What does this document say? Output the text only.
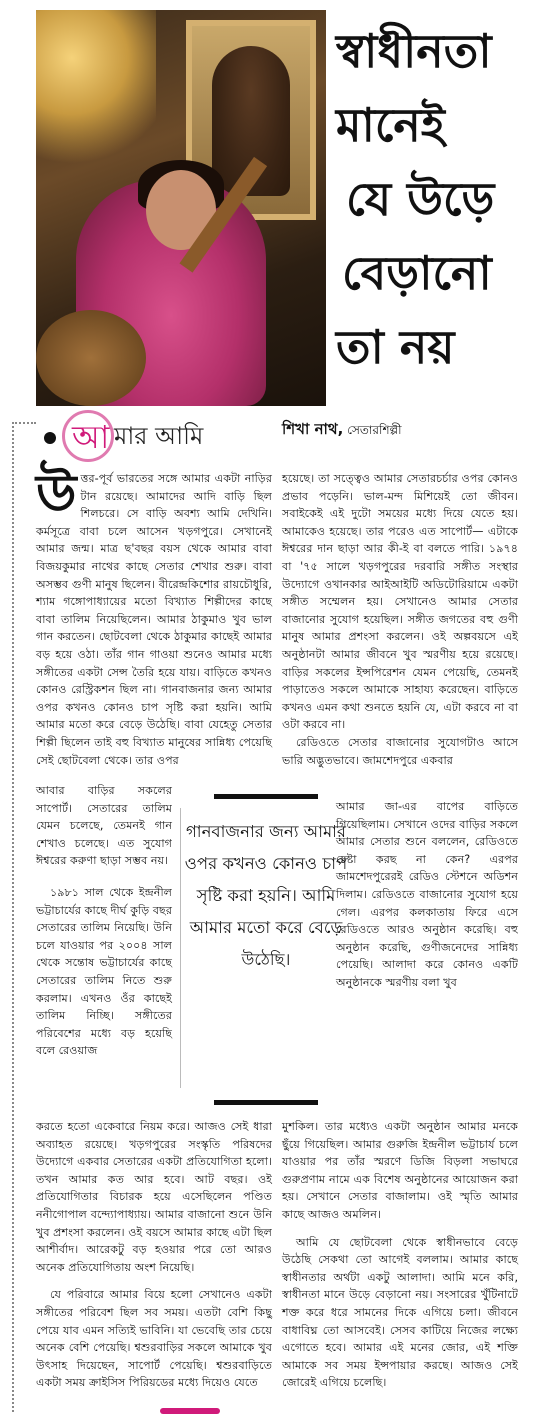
স্বাধীনতা
মানেই
যে উড়ে
বেড়ানো
তা নয়
আ মার আমি	শিখা নাথ, সেতারশিল্পী
উ ত্তর-পূর্ব ভারতের সঙ্গে আমার একটা নাড়ির টান রয়েছে। আমাদের আদি বাড়ি ছিল শিলচরে। সে বাড়ি অবশ্য আমি দেখিনি। কর্মসূত্রে বাবা চলে আসেন খড়গপুরে। সেখানেই আমার জন্ম। মাত্র ছ'বছর বয়স থেকে আমার বাবা বিজয়কুমার নাথের কাছে সেতার শেখার শুরু। বাবা অসম্ভব গুণী মানুষ ছিলেন। বীরেন্দ্রকিশোর রায়চৌধুরি, শ্যাম গঙ্গোপাধ্যায়ের মতো বিখ্যাত শিল্পীদের কাছে বাবা তালিম নিয়েছিলেন। আমার ঠাকুমাও খুব ভাল গান করতেন। ছোটবেলা থেকে ঠাকুমার কাছেই আমার বড় হয়ে ওঠা। তাঁর গান গাওয়া শুনেও আমার মধ্যে সঙ্গীতের একটা সেন্স তৈরি হয়ে যায়। বাড়িতে কখনও কোনও রেস্ট্রিকশন ছিল না। গানবাজনার জন্য আমার ওপর কখনও কোনও চাপ সৃষ্টি করা হয়নি। আমি আমার মতো করে বেড়ে উঠেছি। বাবা যেহেতু সেতার শিল্পী ছিলেন তাই বহু বিখ্যাত মানুষের সান্নিধ্য পেয়েছি সেই ছোটবেলা থেকে। তার ওপর

হয়েছে। তা সত্ত্বেও আমার সেতারচর্চার ওপর কোনও প্রভাব পড়েনি। ভাল-মন্দ মিশিয়েই তো জীবন। সবাইকেই এই দুটো সময়ের মধ্যে দিয়ে যেতে হয়। আমাকেও হয়েছে। তার পরেও এত সাপোর্ট— এটাকে ঈশ্বরের দান ছাড়া আর কী-ই বা বলতে পারি। ১৯৭৪ বা '৭৫ সালে খড়গপুরের দরবারি সঙ্গীত সংস্থার উদ্যোগে ওখানকার আইআইটি অডিটোরিয়ামে একটা সঙ্গীত সম্মেলন হয়। সেখানেও আমার সেতার বাজানোর সুযোগ হয়েছিল। সঙ্গীত জগতের বহু গুণী মানুষ আমার প্রশংসা করলেন। ওই অল্পবয়সে এই অনুষ্ঠানটা আমার জীবনে খুব স্মরণীয় হয়ে রয়েছে। বাড়ির সকলের ইন্সপিরেশন যেমন পেয়েছি, তেমনই পাড়াতেও সকলে আমাকে সাহায্য করেছেন। বাড়িতে কখনও এমন কথা শুনতে হয়নি যে, এটা করবে না বা ওটা করবে না।

রেডিওতে সেতার বাজানোর সুযোগটাও আসে ভারি অদ্ভুতভাবে। জামশেদপুরে একবার

আবার বাড়ির সকলের সাপোর্ট। সেতারের তালিম যেমন চলেছে, তেমনই গান শেখাও চলেছে। এত সুযোগ ঈশ্বরের করুণা ছাড়া সম্ভব নয়।

১৯৮১ সাল থেকে ইন্দ্রনীল ভট্টাচার্যের কাছে দীর্ঘ কুড়ি বছর সেতারের তালিম নিয়েছি। উনি চলে যাওয়ার পর ২০০৪ সাল থেকে সন্তোষ ভট্টাচার্যের কাছে সেতারের তালিম নিতে শুরু করলাম। এখনও ওঁর কাছেই তালিম নিচ্ছি। সঙ্গীতের পরিবেশের মধ্যে বড় হয়েছি বলে রেওয়াজ

আমার জা-এর বাপের বাড়িতে গিয়েছিলাম। সেখানে ওদের বাড়ির সকলে আমার সেতার শুনে বললেন, রেডিওতে চেষ্টা করছ না কেন? এরপর জামশেদপুরেরই রেডিও স্টেশনে অডিশন দিলাম। রেডিওতে বাজানোর সুযোগ হয়ে গেল। এরপর কলকাতায় ফিরে এসে রেডিওতে আরও অনুষ্ঠান করেছি। বহু অনুষ্ঠান করেছি, গুণীজনেদের সান্নিধ্য পেয়েছি। আলাদা করে কোনও একটি অনুষ্ঠানকে স্মরণীয় বলা খুব

গানবাজনার জন্য আমার ওপর কখনও কোনও চাপ সৃষ্টি করা হয়নি। আমি আমার মতো করে বেড়ে উঠেছি।

করতে হতো একেবারে নিয়ম করে। আজও সেই ধারা অব্যাহত রয়েছে। খড়গপুরের সংস্কৃতি পরিষদের উদ্যোগে একবার সেতারের একটা প্রতিযোগিতা হলো। তখন আমার কত আর হবে। আট বছর। ওই প্রতিযোগিতার বিচারক হয়ে এসেছিলেন পণ্ডিত ননীগোপাল বন্দ্যোপাধ্যায়। আমার বাজানো শুনে উনি খুব প্রশংসা করলেন। ওই বয়সে আমার কাছে এটা ছিল আশীর্বাদ। আরেকটু বড় হওয়ার পরে তো আরও অনেক প্রতিযোগিতায় অংশ নিয়েছি।

যে পরিবারে আমার বিয়ে হলো সেখানেও একটা সঙ্গীতের পরিবেশ ছিল সব সময়। এতটা বেশি কিছু পেয়ে যাব এমন সত্যিই ভাবিনি। যা ভেবেছি তার চেয়ে অনেক বেশি পেয়েছি। শ্বশুরবাড়ির সকলে আমাকে খুব উৎসাহ দিয়েছেন, সাপোর্ট পেয়েছি। শ্বশুরবাড়িতে একটা সময় ক্রাইসিস পিরিয়ডের মধ্যে দিয়েও যেতে

মুশকিল। তার মধ্যেও একটা অনুষ্ঠান আমার মনকে ছুঁয়ে গিয়েছিল। আমার গুরুজি ইন্দ্রনীল ভট্টাচার্য চলে যাওয়ার পর তাঁর স্মরণে ডিজি বিড়লা সভাঘরে গুরুপ্রণাম নামে এক বিশেষ অনুষ্ঠানের আয়োজন করা হয়। সেখানে সেতার বাজালাম। ওই স্মৃতি আমার কাছে আজও অমলিন।

আমি যে ছোটবেলা থেকে স্বাধীনভাবে বেড়ে উঠেছি সেকথা তো আগেই বললাম। আমার কাছে স্বাধীনতার অর্থটা একটু আলাদা। আমি মনে করি, স্বাধীনতা মানে উড়ে বেড়ানো নয়। সংসারের খুঁটিনাটে শক্ত করে ধরে সামনের দিকে এগিয়ে চলা। জীবনে বাধাবিঘ্ন তো আসবেই। সেসব কাটিয়ে নিজের লক্ষ্যে এগোতে হবে। আমার এই মনের জোর, এই শক্তি আমাকে সব সময় ইন্সপায়ার করছে। আজও সেই জোরেই এগিয়ে চলেছি।
